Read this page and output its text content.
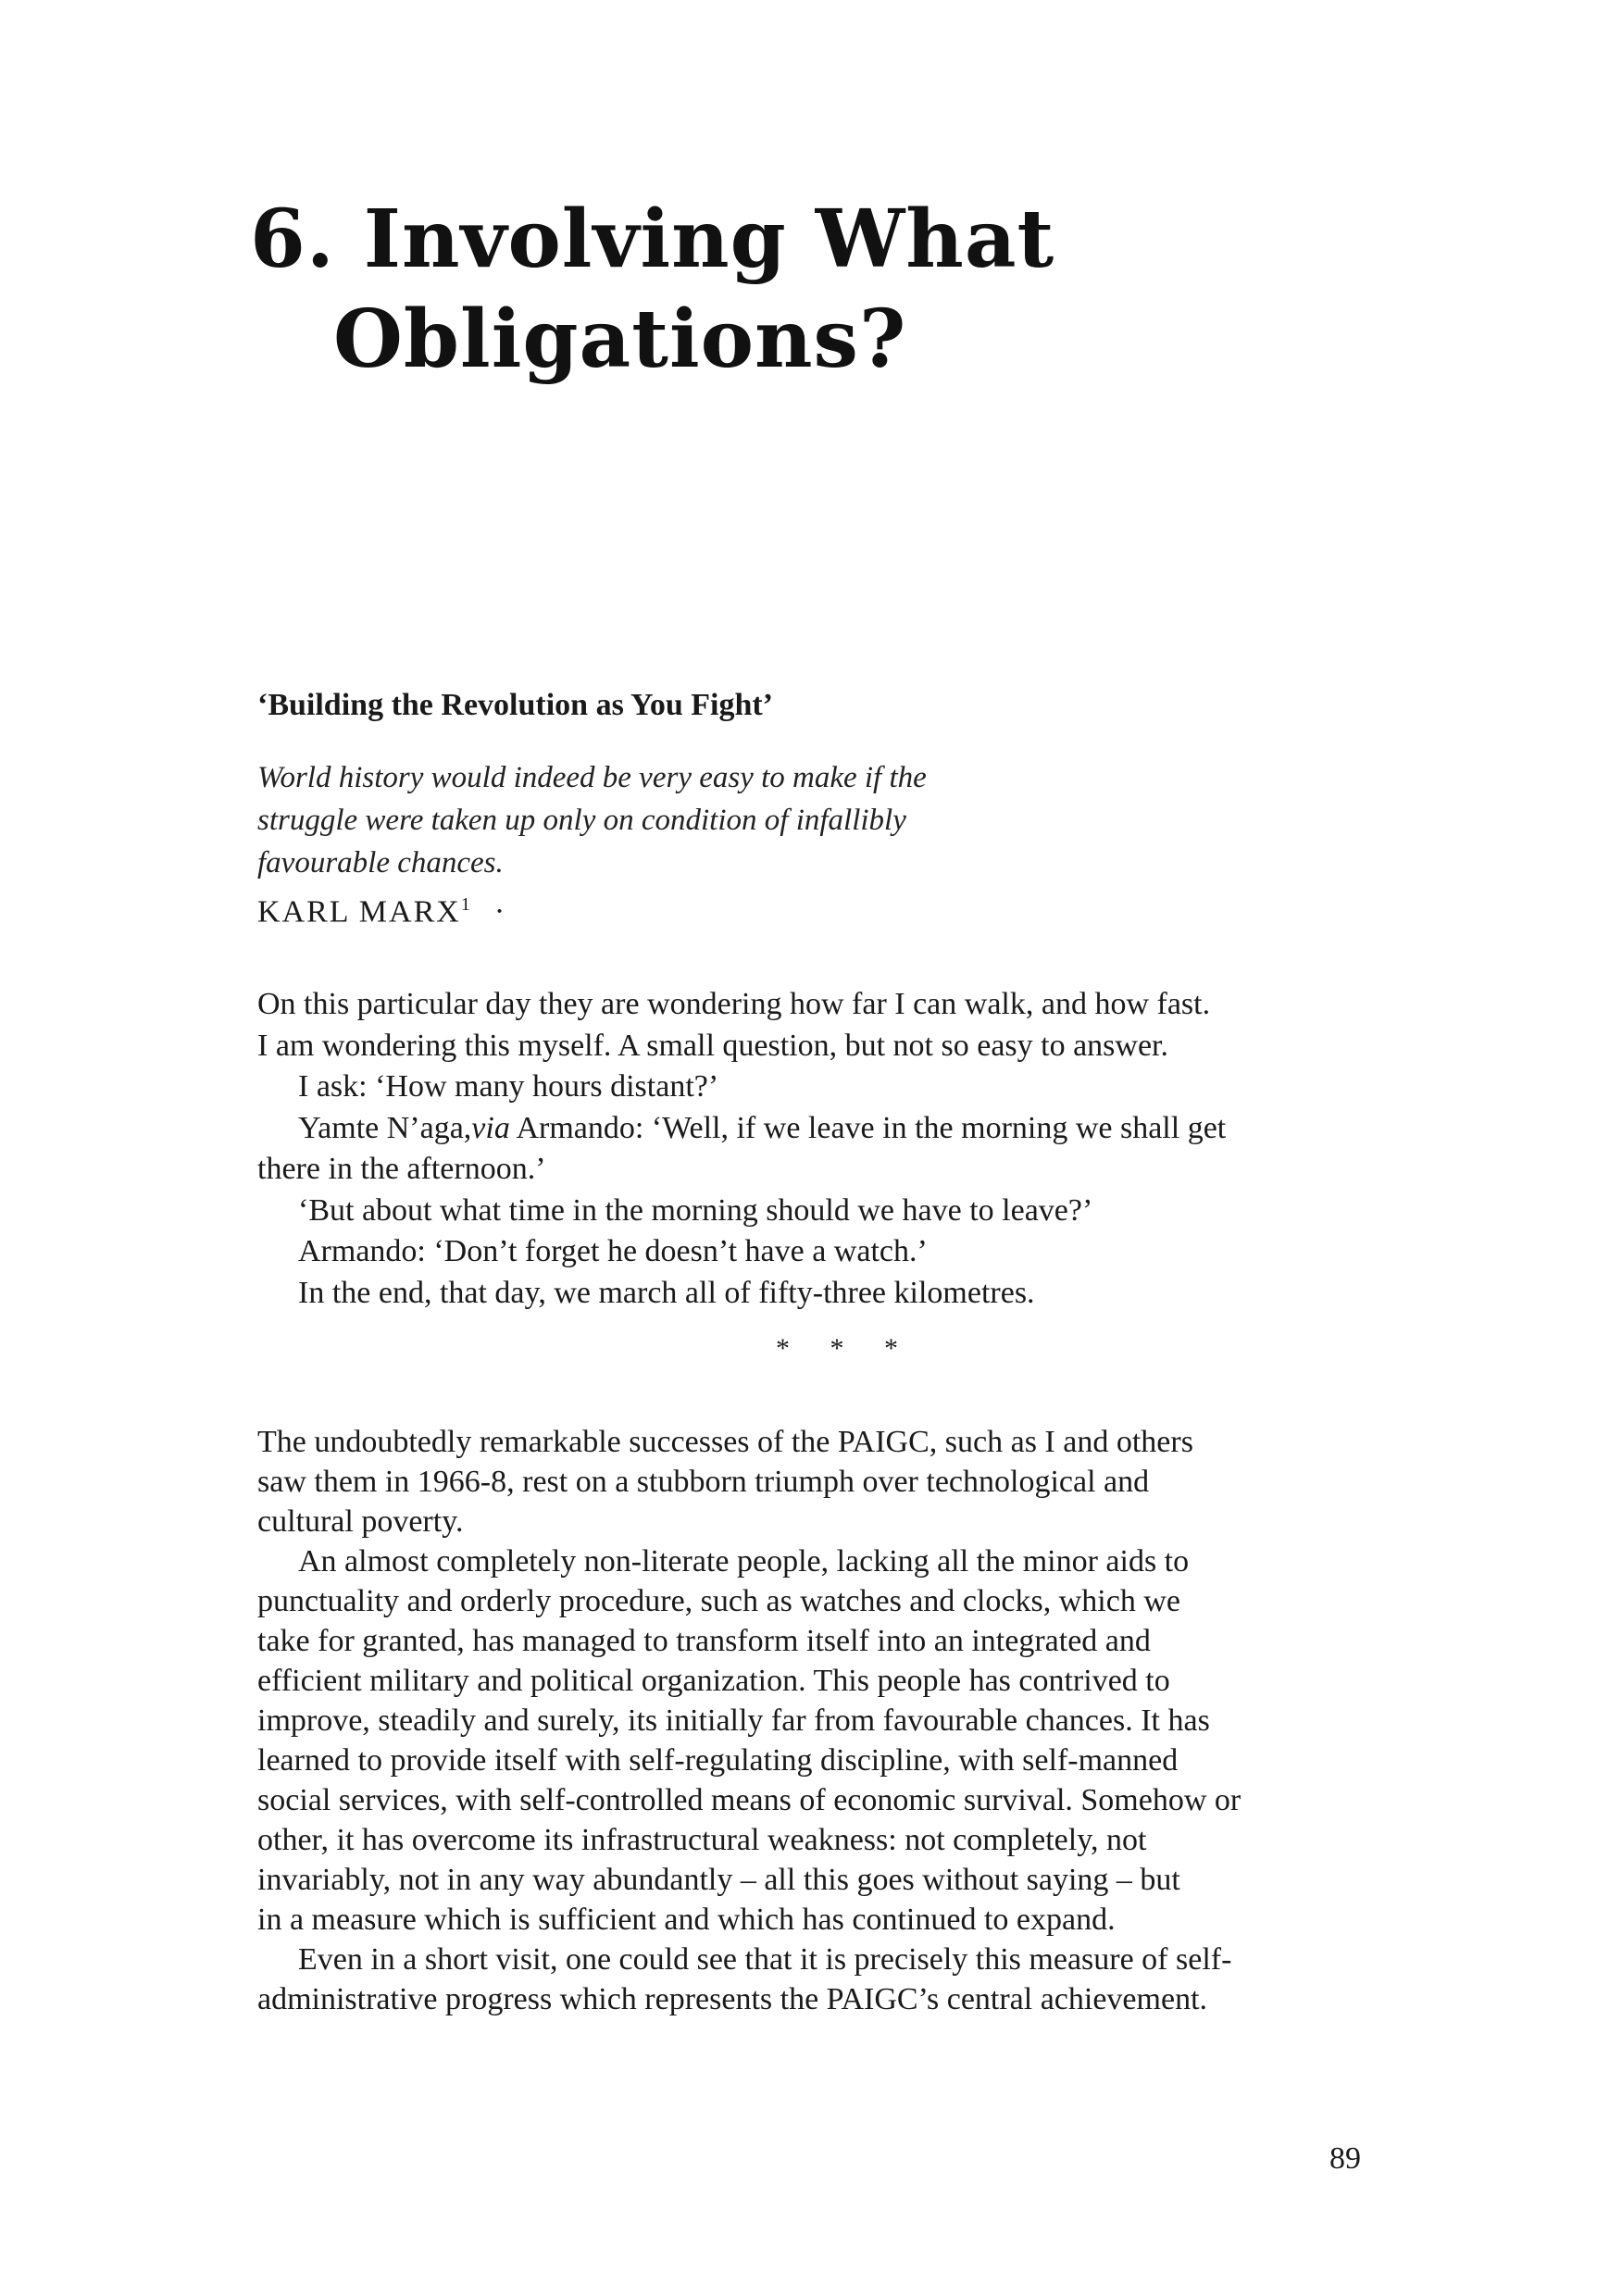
6. Involving What
Obligations?
‘Building the Revolution as You Fight’
World history would indeed be very easy to make if the
struggle were taken up only on condition of infallibly
favourable chances.
KARL $MARX^1$ ·
On this particular day they are wondering how far I can walk, and how fast.
I am wondering this myself. A small question, but not so easy to answer.
I ask: ‘How many hours distant?’
Yamte N’aga,via Armando: ‘Well, if we leave in the morning we shall get
there in the afternoon.’
‘But about what time in the morning should we have to leave?’
Armando: ‘Don’t forget he doesn’t have a watch.’
In the end, that day, we march all of fifty-three kilometres.
* * *
The undoubtedly remarkable successes of the PAIGC, such as I and others
saw them in 1966-8, rest on a stubborn triumph over technological and
cultural poverty.
An almost completely non-literate people, lacking all the minor aids to
punctuality and orderly procedure, such as watches and clocks, which we
take for granted, has managed to transform itself into an integrated and
efficient military and political organization. This people has contrived to
improve, steadily and surely, its initially far from favourable chances. It has
learned to provide itself with self-regulating discipline, with self-manned
social services, with self-controlled means of economic survival. Somehow or
other, it has overcome its infrastructural weakness: not completely, not
invariably, not in any way abundantly – all this goes without saying – but
in a measure which is sufficient and which has continued to expand.
Even in a short visit, one could see that it is precisely this measure of self-
administrative progress which represents the PAIGC’s central achievement.
89
